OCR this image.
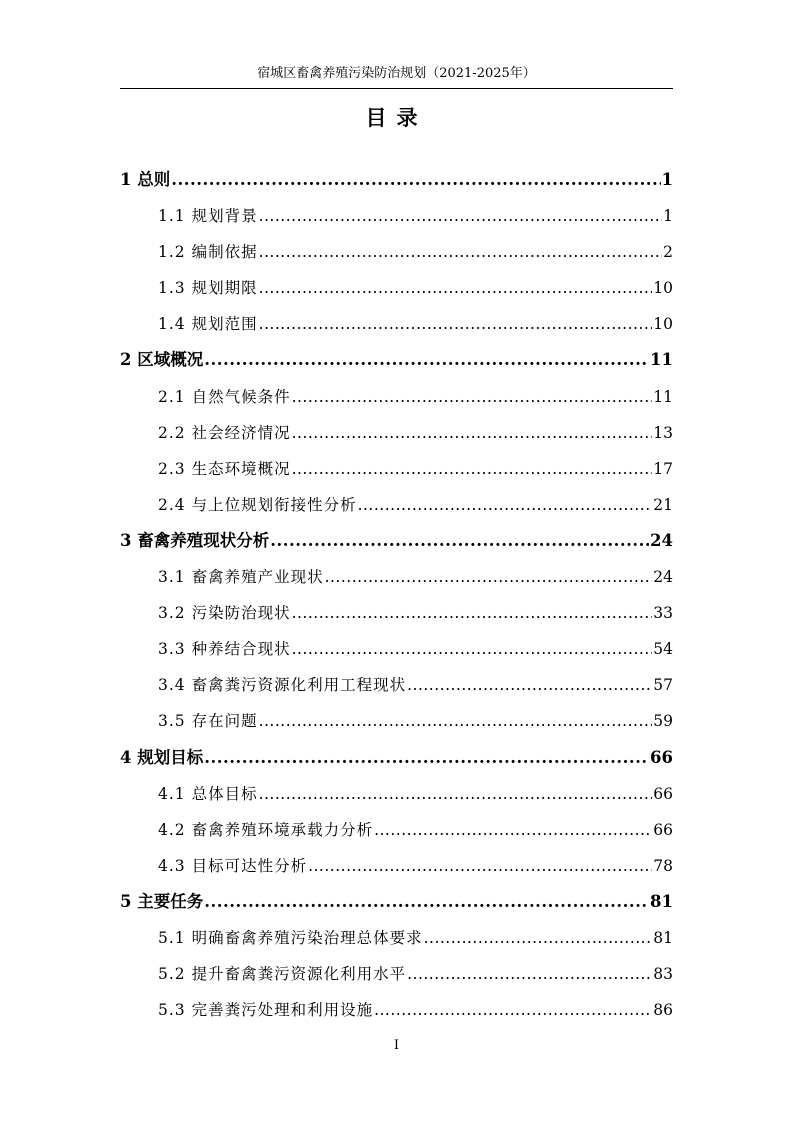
宿城区畜禽养殖污染防治规划（2021-2025年）
目录
1 总则 .....	1
1.1 规划背景 .....	1
1.2 编制依据 .....	2
1.3 规划期限 .....	10
1.4 规划范围 .....	10
2 区域概况 .....	11
2.1 自然气候条件 .....	11
2.2 社会经济情况 .....	13
2.3 生态环境概况 .....	17
2.4 与上位规划衔接性分析 .....	21
3 畜禽养殖现状分析 .....	24
3.1 畜禽养殖产业现状 .....	24
3.2 污染防治现状 .....	33
3.3 种养结合现状 .....	54
3.4 畜禽粪污资源化利用工程现状 .....	57
3.5 存在问题 .....	59
4 规划目标 .....	66
4.1 总体目标 .....	66
4.2 畜禽养殖环境承载力分析 .....	66
4.3 目标可达性分析 .....	78
5 主要任务 .....	81
5.1 明确畜禽养殖污染治理总体要求 .....	81
5.2 提升畜禽粪污资源化利用水平 .....	83
5.3 完善粪污处理和利用设施 .....	86
I
